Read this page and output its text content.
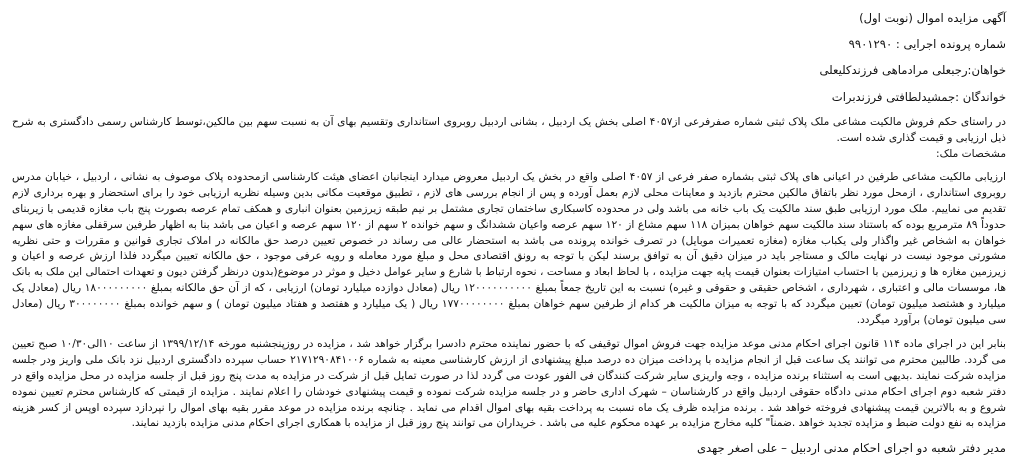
آگهی مزایده اموال (نوبت اول)
شماره پرونده اجرایی : ۹۹۰۱۲۹۰
خواهان:رجبعلی مرادماهی فرزندکلیعلی
خواندگان :جمشیدلطافتی فرزندبرات
در راستای حکم فروش مالکیت مشاعی ملک پلاک ثبتی شماره صفرفرعی از۴۰۵۷ اصلی بخش یک اردبیل ، بشانی اردبیل روبروی استانداری وتقسیم بهای آن به نسبت سهم بین مالکین،توسط کارشناس رسمی دادگستری به شرح ذیل ارزیابی و قیمت گذاری شده است.
مشخصات ملک:
ارزیابی مالکیت مشاعی طرفین در اعیانی های پلاک ثبتی بشماره صفر فرعی از ۴۰۵۷ اصلی واقع در بخش یک اردبیل معروض میدارد اینجانبان اعضای هیئت کارشناسی ازمحدوده پلاک موصوف به نشانی ، اردبیل ، خیابان مدرس روبروی استانداری ، ازمحل مورد نظر باتفاق مالکین محترم بازدید و معاینات محلی لازم بعمل آورده و پس از انجام بررسی های لازم ، تطبیق موقعیت مکانی بدین وسیله نظریه ارزیابی خود را برای استحضار و بهره برداری لازم تقدیم می نماییم. ملک مورد ارزیابی طبق سند مالکیت یک باب خانه می باشد ولی در محدوده کاسبکاری ساختمان تجاری مشتمل بر نیم طبقه زیرزمین بعنوان انباری و همکف تمام عرصه بصورت پنج باب مغازه قدیمی با زیربنای حدوداً ۸۹ مترمربع بوده که باستناد سند مالکیت سهم خواهان بمیزان ۱۱۸ سهم مشاع از ۱۲۰ سهم عرصه واعیان ششدانگ و سهم خوانده ۲ سهم از ۱۲۰ سهم عرصه و اعیان می باشد بنا به اظهار طرفین سرقفلی مغازه های سهم خواهان به اشخاص غیر واگذار ولی یکباب مغازه (مغازه تعمیرات موبایل) در تصرف خوانده پرونده می باشد به استحضار عالی می رساند در خصوص تعیین درصد حق مالکانه در املاک تجاری قوانین و مقررات و حتی نظریه مشورتی موجود نیست در نهایت مالک و مستاجر باید در میزان دقیق آن به توافق برسند لیکن با توجه به رونق اقتصادی محل و مبلغ مورد معامله و رویه عرفی موجود ، حق مالکانه تعیین میگردد فلذا ارزش عرصه و اعیان و زیرزمین مغازه ها و زیرزمین با احتساب امتیازات بعنوان قیمت پایه جهت مزایده ، با لحاظ ابعاد و مساحت ، نحوه ارتباط با شارع و سایر عوامل دخیل و موثر در موضوع(بدون درنظر گرفتن دیون و تعهدات احتمالی این ملک به بانک ها، موسسات مالی و اعتباری ، شهرداری ، اشخاص حقیقی و حقوقی و غیره) نسبت به این تاریخ جمعاً بمبلغ ۱۲۰۰۰۰۰۰۰۰۰۰ ریال (معادل دوازده میلیارد تومان) ارزیابی ، که از آن حق مالکانه بمبلغ ۱۸۰۰۰۰۰۰۰۰۰ ریال (معادل یک میلیارد و هشتصد میلیون تومان) تعیین میگردد که با توجه به میزان مالکیت هر کدام از طرفین سهم خواهان بمبلغ ۱۷۷۰۰۰۰۰۰۰۰ ریال ( یک میلیارد و هفتصد و هفتاد میلیون تومان ) و سهم خوانده بمبلغ ۳۰۰۰۰۰۰۰۰ ریال (معادل سی میلیون تومان) برآورد میگردد.
بنابر این در اجرای ماده ۱۱۴ قانون اجرای احکام مدنی موعد مزایده جهت فروش اموال توقیفی که با حضور نماینده محترم دادسرا برگزار خواهد شد ، مزایده در روزپنجشنبه مورخه ۱۳۹۹/۱۲/۱۴ از ساعت ۱۰الی۱۰/۳۰ صبح تعیین می گردد. طالبین محترم می توانند یک ساعت قبل از انجام مزایده با پرداخت میزان ده درصد مبلغ پیشنهادی از ارزش کارشناسی معینه به شماره ۲۱۷۱۲۹۰۸۴۱۰۰۶ حساب سپرده دادگستری اردبیل نزد بانک ملی واریز ودر جلسه مزایده شرکت نمایند .بدیهی است به استثناء برنده مزایده ، وجه واریزی سایر شرکت کنندگان فی الفور عودت می گردد لذا در صورت تمایل قبل از شرکت در مزایده به مدت پنج روز قبل از جلسه مزایده در محل مزایده واقع در دفتر شعبه دوم اجرای احکام مدنی دادگاه حقوقی اردبیل واقع در کارشناسان – شهرک اداری حاضر و در جلسه مزایده شرکت نموده و قیمت پیشنهادی خودشان را اعلام نمایند . مزایده از قیمتی که کارشناس محترم تعیین نموده شروع و به بالاترین قیمت پیشنهادی فروخته خواهد شد . برنده مزایده ظرف یک ماه نسبت به پرداخت بقیه بهای اموال اقدام می نماید . چنانچه برنده مزایده در موعد مقرر بقیه بهای اموال را نپردازد سپرده اوپس از کسر هزینه مزایده به نفع دولت ضبط و مزایده تجدید خواهد .ضمناً" کلیه مخارج مزایده بر عهده محکوم علیه می باشد . خریداران می توانند پنج روز قبل از مزایده با همکاری اجرای احکام مدنی مزایده بازدید نمایند.
مدیر دفتر شعبه دو اجرای احکام مدنی اردبیل – علی اصغر جهدی
